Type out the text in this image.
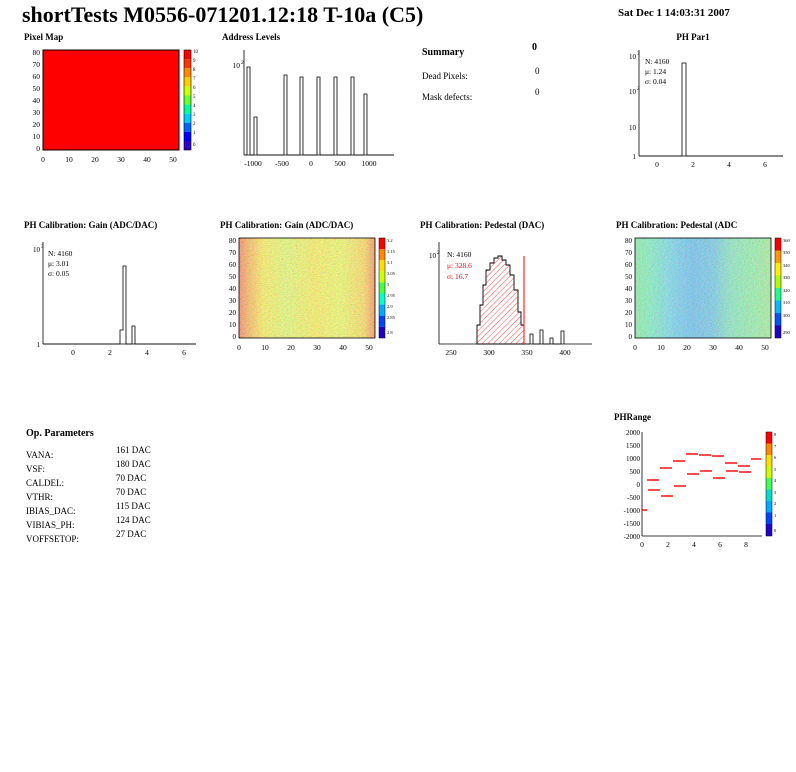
shortTests M0556-071201.12:18 T-10a (C5)	Sat Dec 1 14:03:31 2007
Pixel Map
80
70
60
50
40
30
20
10
0
10
9
8
7
6
5
4
3
2
1
0
0	10 20 30 40 50
Address Levels
10 2
-1000 -500	0	500 1000
Summary	0
Dead Pixels:	0
Mask defects:	0
PH Par1
10 3
10 2
10
1
N: 4160
μ: 1.24
σ: 0.04
0	2	4	6
PH Calibration: Gain (ADC/DAC)
10 3
1
N: 4160
μ: 3.01
σ: 0.05
0	2	4	6
PH Calibration: Gain (ADC/DAC)
80
70
60
50
40
30
20
10
0
3.2
3.15
3.1
3.05
3
2.95
2.9
2.85
2.8
0	10 20 30 40 50
PH Calibration: Pedestal (DAC)
10 2 N: 4160
μ: 328.6
σ: 16.7
250	300	350	400
PH Calibration: Pedestal (ADC
80
70
60
50
40
30
20
10
0
360
350
340
330
320
310
300
290
0	10 20 30 40 50
Op. Parameters
VANA:	161 DAC
VSF:	180 DAC
CALDEL:	70 DAC
VTHR:	70 DAC
IBIAS_DAC:	115 DAC
VIBIAS_PH:	124 DAC
VOFFSETOP:	27 DAC
PHRange
2000
1500
1000
500
0
-500
-1000
-1500
-2000
8
7
6
5
4
3
2
1
0
0	2	4	6	8
